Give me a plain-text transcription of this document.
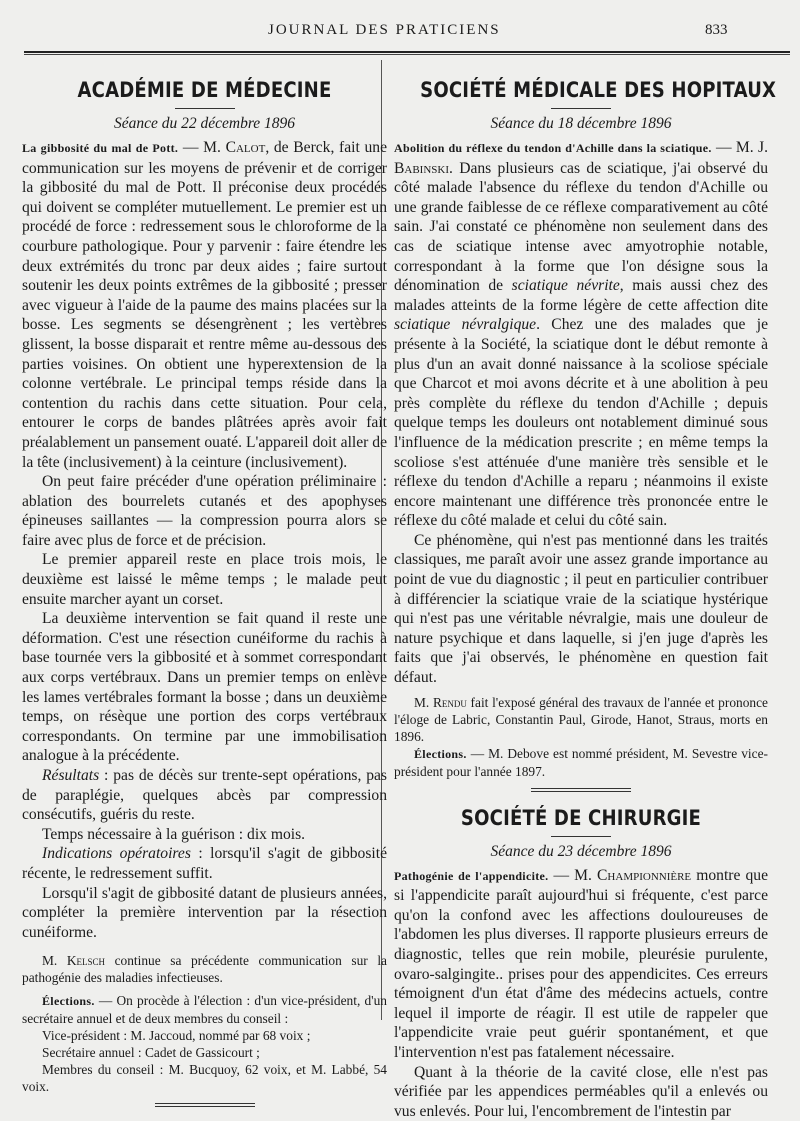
JOURNAL DES PRATICIENS	833
ACADÉMIE DE MÉDECINE
Séance du 22 décembre 1896

La gibbosité du mal de Pott. — M. Calot, de Berck, fait une communication sur les moyens de prévenir et de corriger la gibbosité du mal de Pott. Il préconise deux procédés qui doivent se compléter mutuellement. Le premier est un procédé de force : redressement sous le chloroforme de la courbure pathologique. Pour y parvenir : faire étendre les deux extrémités du tronc par deux aides ; faire surtout soutenir les deux points extrêmes de la gibbosité ; presser avec vigueur à l'aide de la paume des mains placées sur la bosse. Les segments se désengrènent ; les vertèbres glissent, la bosse disparait et rentre même au-dessous des parties voisines. On obtient une hyperextension de la colonne vertébrale. Le principal temps réside dans la contention du rachis dans cette situation. Pour cela, entourer le corps de bandes plâtrées après avoir fait préalablement un pansement ouaté. L'appareil doit aller de la tête (inclusivement) à la ceinture (inclusivement).

On peut faire précéder d'une opération préliminaire : ablation des bourrelets cutanés et des apophyses épineuses saillantes — la compression pourra alors se faire avec plus de force et de précision.

Le premier appareil reste en place trois mois, le deuxième est laissé le même temps ; le malade peut ensuite marcher ayant un corset.

La deuxième intervention se fait quand il reste une déformation. C'est une résection cunéiforme du rachis à base tournée vers la gibbosité et à sommet correspondant aux corps vertébraux. Dans un premier temps on enlève les lames vertébrales formant la bosse ; dans un deuxième temps, on résèque une portion des corps vertébraux correspondants. On termine par une immobilisation analogue à la précédente.

Résultats : pas de décès sur trente-sept opérations, pas de paraplégie, quelques abcès par compression consécutifs, guéris du reste.

Temps nécessaire à la guérison : dix mois.

Indications opératoires : lorsqu'il s'agit de gibbosité récente, le redressement suffit.

Lorsqu'il s'agit de gibbosité datant de plusieurs années, compléter la première intervention par la résection cunéiforme.

M. Kelsch continue sa précédente communication sur la pathogénie des maladies infectieuses.

Élections. — On procède à l'élection : d'un vice-président, d'un secrétaire annuel et de deux membres du conseil :

Vice-président : M. Jaccoud, nommé par 68 voix ;

Secrétaire annuel : Cadet de Gassicourt ;

Membres du conseil : M. Bucquoy, 62 voix, et M. Labbé, 54 voix.

SOCIÉTÉ MÉDICALE DES HOPITAUX
Séance du 18 décembre 1896

Abolition du réflexe du tendon d'Achille dans la sciatique. — M. J. Babinski. Dans plusieurs cas de sciatique, j'ai observé du côté malade l'absence du réflexe du tendon d'Achille ou une grande faiblesse de ce réflexe comparativement au côté sain. J'ai constaté ce phénomène non seulement dans des cas de sciatique intense avec amyotrophie notable, correspondant à la forme que l'on désigne sous la dénomination de sciatique névrite, mais aussi chez des malades atteints de la forme légère de cette affection dite sciatique névralgique. Chez une des malades que je présente à la Société, la sciatique dont le début remonte à plus d'un an avait donné naissance à la scoliose spéciale que Charcot et moi avons décrite et à une abolition à peu près complète du réflexe du tendon d'Achille ; depuis quelque temps les douleurs ont notablement diminué sous l'influence de la médication prescrite ; en même temps la scoliose s'est atténuée d'une manière très sensible et le réflexe du tendon d'Achille a reparu ; néanmoins il existe encore maintenant une différence très prononcée entre le réflexe du côté malade et celui du côté sain.

Ce phénomène, qui n'est pas mentionné dans les traités classiques, me paraît avoir une assez grande importance au point de vue du diagnostic ; il peut en particulier contribuer à différencier la sciatique vraie de la sciatique hystérique qui n'est pas une véritable névralgie, mais une douleur de nature psychique et dans laquelle, si j'en juge d'après les faits que j'ai observés, le phénomène en question fait défaut.

M. Rendu fait l'exposé général des travaux de l'année et prononce l'éloge de Labric, Constantin Paul, Girode, Hanot, Straus, morts en 1896.

Élections. — M. Debove est nommé président, M. Sevestre vice-président pour l'année 1897.

SOCIÉTÉ DE CHIRURGIE
Séance du 23 décembre 1896

Pathogénie de l'appendicite. — M. Championnière montre que si l'appendicite paraît aujourd'hui si fréquente, c'est parce qu'on la confond avec les affections douloureuses de l'abdomen les plus diverses. Il rapporte plusieurs erreurs de diagnostic, telles que rein mobile, pleurésie purulente, ovaro-salgingite.. prises pour des appendicites. Ces erreurs témoignent d'un état d'âme des médecins actuels, contre lequel il importe de réagir. Il est utile de rappeler que l'appendicite vraie peut guérir spontanément, et que l'intervention n'est pas fatalement nécessaire.

Quant à la théorie de la cavité close, elle n'est pas vérifiée par les appendices perméables qu'il a enlevés ou vus enlevés. Pour lui, l'encombrement de l'intestin par
